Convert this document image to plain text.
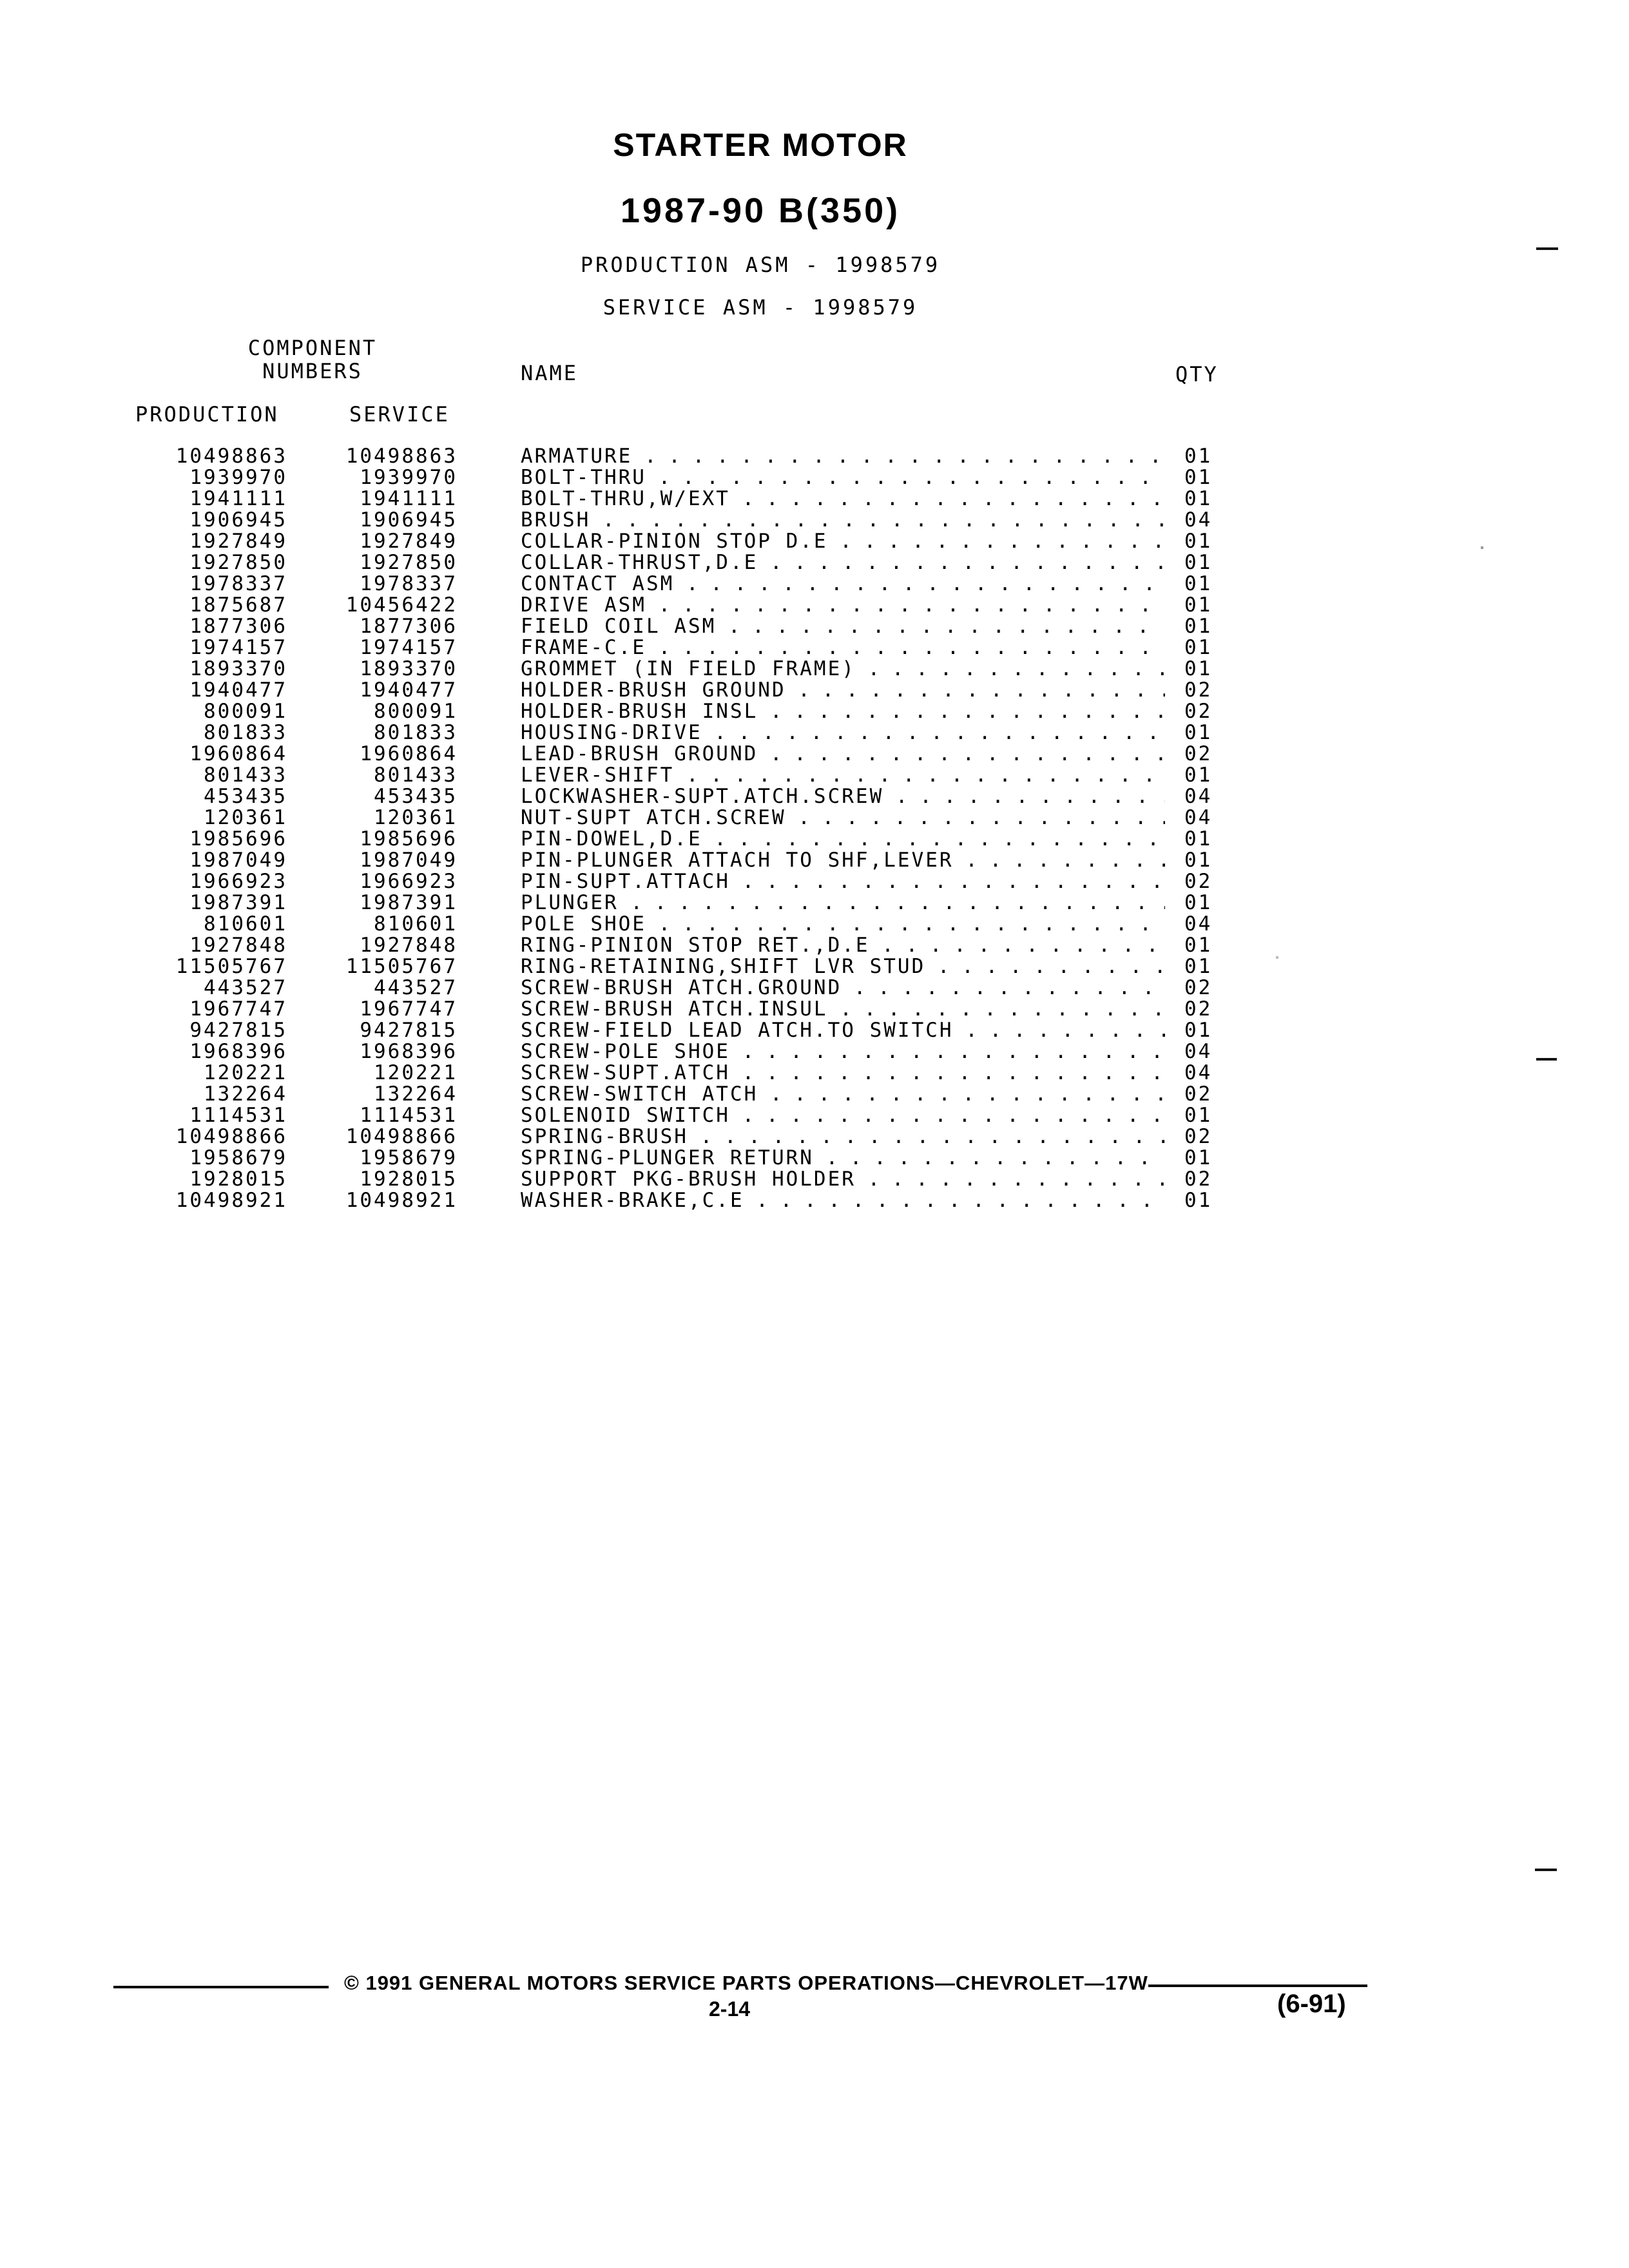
STARTER MOTOR
1987-90 B(350)
PRODUCTION ASM - 1998579
SERVICE ASM - 1998579
COMPONENT
NUMBERS	NAME	QTY
PRODUCTION	SERVICE
10498863	10498863	ARMATURE . . .	01
1939970	1939970	BOLT-THRU . . .	01
1941111	1941111	BOLT-THRU,W/EXT . . .	01
1906945	1906945	BRUSH . . .	04
1927849	1927849	COLLAR-PINION STOP D.E . . .	01
1927850	1927850	COLLAR-THRUST,D.E . . .	01
1978337	1978337	CONTACT ASM . . .	01
1875687	10456422	DRIVE ASM . . .	01
1877306	1877306	FIELD COIL ASM . . .	01
1974157	1974157	FRAME-C.E . . .	01
1893370	1893370	GROMMET (IN FIELD FRAME) . . .	01
1940477	1940477	HOLDER-BRUSH GROUND . . .	02
800091	800091	HOLDER-BRUSH INSL . . .	02
801833	801833	HOUSING-DRIVE . . .	01
1960864	1960864	LEAD-BRUSH GROUND . . .	02
801433	801433	LEVER-SHIFT . . .	01
453435	453435	LOCKWASHER-SUPT.ATCH.SCREW . . .	04
120361	120361	NUT-SUPT ATCH.SCREW . . .	04
1985696	1985696	PIN-DOWEL,D.E . . .	01
1987049	1987049	PIN-PLUNGER ATTACH TO SHF,LEVER . . .	01
1966923	1966923	PIN-SUPT.ATTACH . . .	02
1987391	1987391	PLUNGER . . .	01
810601	810601	POLE SHOE . . .	04
1927848	1927848	RING-PINION STOP RET.,D.E . . .	01
11505767	11505767	RING-RETAINING,SHIFT LVR STUD . . .	01
443527	443527	SCREW-BRUSH ATCH.GROUND . . .	02
1967747	1967747	SCREW-BRUSH ATCH.INSUL . . .	02
9427815	9427815	SCREW-FIELD LEAD ATCH.TO SWITCH . . .	01
1968396	1968396	SCREW-POLE SHOE . . .	04
120221	120221	SCREW-SUPT.ATCH . . .	04
132264	132264	SCREW-SWITCH ATCH . . .	02
1114531	1114531	SOLENOID SWITCH . . .	01
10498866	10498866	SPRING-BRUSH . . .	02
1958679	1958679	SPRING-PLUNGER RETURN . . .	01
1928015	1928015	SUPPORT PKG-BRUSH HOLDER . . .	02
10498921	10498921	WASHER-BRAKE,C.E . . .	01
© 1991 GENERAL MOTORS SERVICE PARTS OPERATIONS—CHEVROLET—17W
2-14	(6-91)
